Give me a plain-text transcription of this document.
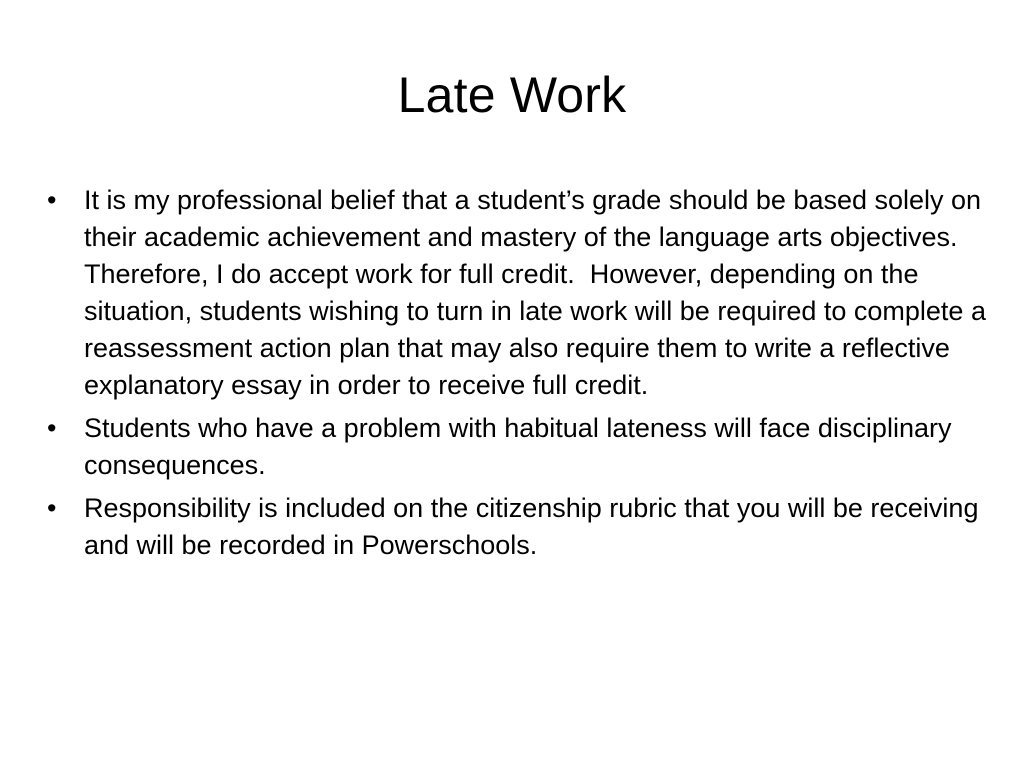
Late Work
•	It is my professional belief that a student’s grade should be based solely on their academic achievement and mastery of the language arts objectives.  Therefore, I do accept work for full credit.  However, depending on the situation, students wishing to turn in late work will be required to complete a reassessment action plan that may also require them to write a reflective explanatory essay in order to receive full credit.
•	Students who have a problem with habitual lateness will face disciplinary consequences.
•	Responsibility is included on the citizenship rubric that you will be receiving and will be recorded in Powerschools.
